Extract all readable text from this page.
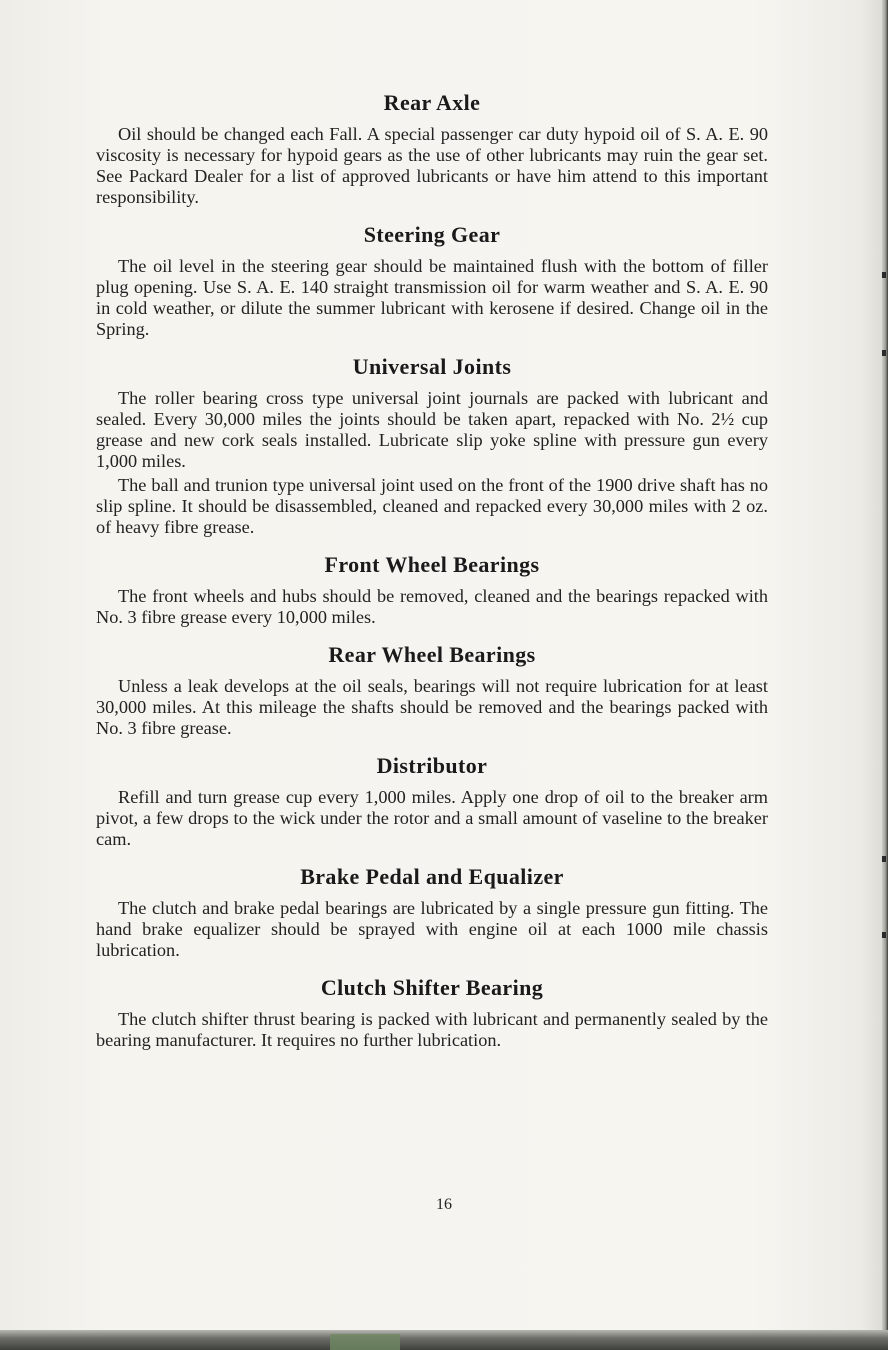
Rear Axle

Oil should be changed each Fall. A special passenger car duty hypoid oil of S. A. E. 90 viscosity is necessary for hypoid gears as the use of other lubricants may ruin the gear set. See Packard Dealer for a list of approved lubricants or have him attend to this important responsibility.

Steering Gear

The oil level in the steering gear should be maintained flush with the bottom of filler plug opening. Use S. A. E. 140 straight transmission oil for warm weather and S. A. E. 90 in cold weather, or dilute the summer lubricant with kerosene if desired. Change oil in the Spring.

Universal Joints

The roller bearing cross type universal joint journals are packed with lubricant and sealed. Every 30,000 miles the joints should be taken apart, repacked with No. 2½ cup grease and new cork seals installed. Lubricate slip yoke spline with pressure gun every 1,000 miles.

The ball and trunion type universal joint used on the front of the 1900 drive shaft has no slip spline. It should be disassembled, cleaned and repacked every 30,000 miles with 2 oz. of heavy fibre grease.

Front Wheel Bearings

The front wheels and hubs should be removed, cleaned and the bearings repacked with No. 3 fibre grease every 10,000 miles.

Rear Wheel Bearings

Unless a leak develops at the oil seals, bearings will not require lubrication for at least 30,000 miles. At this mileage the shafts should be removed and the bearings packed with No. 3 fibre grease.

Distributor

Refill and turn grease cup every 1,000 miles. Apply one drop of oil to the breaker arm pivot, a few drops to the wick under the rotor and a small amount of vaseline to the breaker cam.

Brake Pedal and Equalizer

The clutch and brake pedal bearings are lubricated by a single pressure gun fitting. The hand brake equalizer should be sprayed with engine oil at each 1000 mile chassis lubrication.

Clutch Shifter Bearing

The clutch shifter thrust bearing is packed with lubricant and permanently sealed by the bearing manufacturer. It requires no further lubrication.

16
